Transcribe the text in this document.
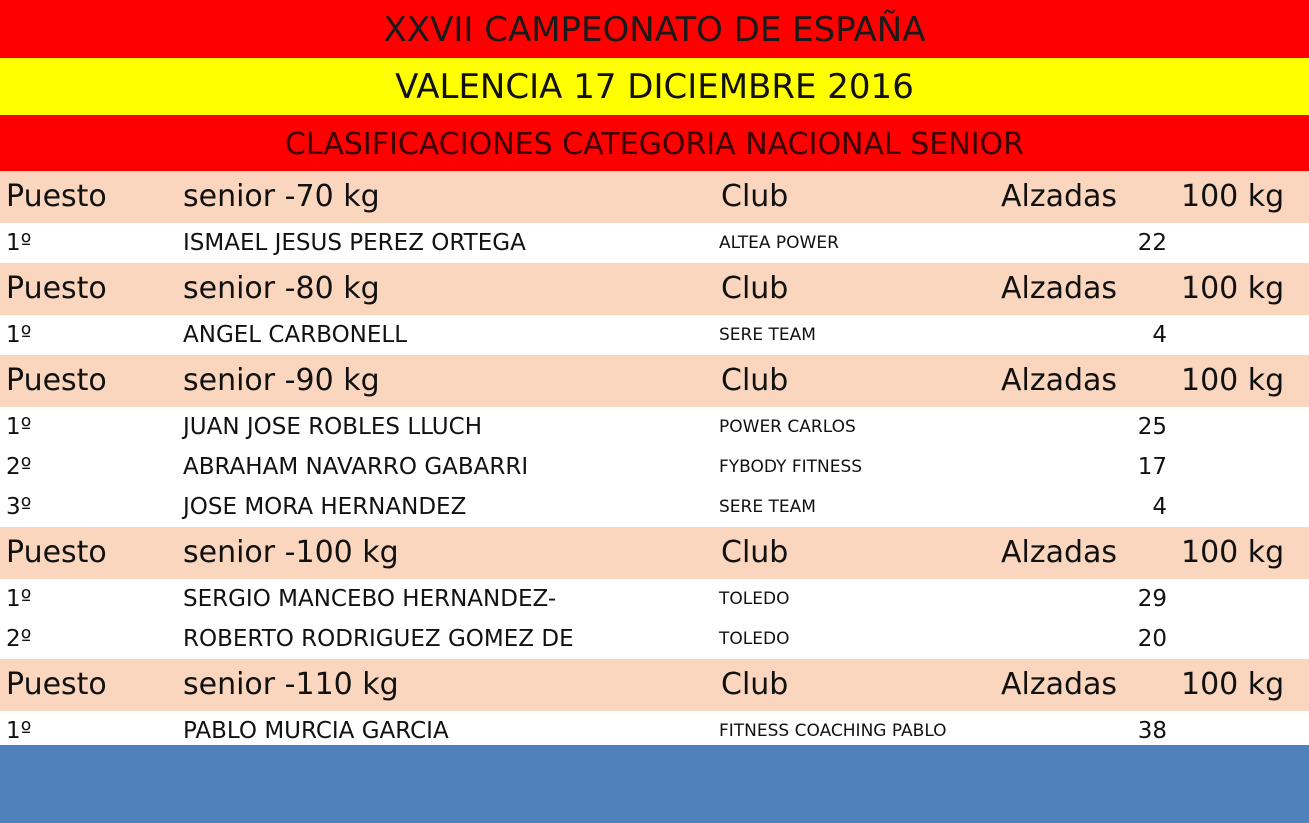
XXVII CAMPEONATO DE ESPAÑA
VALENCIA 17 DICIEMBRE 2016
CLASIFICACIONES CATEGORIA NACIONAL SENIOR
Puesto	senior -70 kg	Club	Alzadas 100 kg
1º	ISMAEL JESUS PEREZ ORTEGA	ALTEA POWER	22
Puesto	senior -80 kg	Club	Alzadas 100 kg
1º	ANGEL CARBONELL	SERE TEAM	4
Puesto	senior -90 kg	Club	Alzadas 100 kg
1º	JUAN JOSE ROBLES LLUCH	POWER CARLOS	25
2º	ABRAHAM NAVARRO GABARRI	FYBODY FITNESS	17
3º	JOSE MORA HERNANDEZ	SERE TEAM	4
Puesto	senior -100 kg	Club	Alzadas 100 kg
1º	SERGIO MANCEBO HERNANDEZ-	TOLEDO	29
2º	ROBERTO RODRIGUEZ GOMEZ DE	TOLEDO	20
Puesto	senior -110 kg	Club	Alzadas 100 kg
1º	PABLO MURCIA GARCIA	FITNESS COACHING PABLO	38
